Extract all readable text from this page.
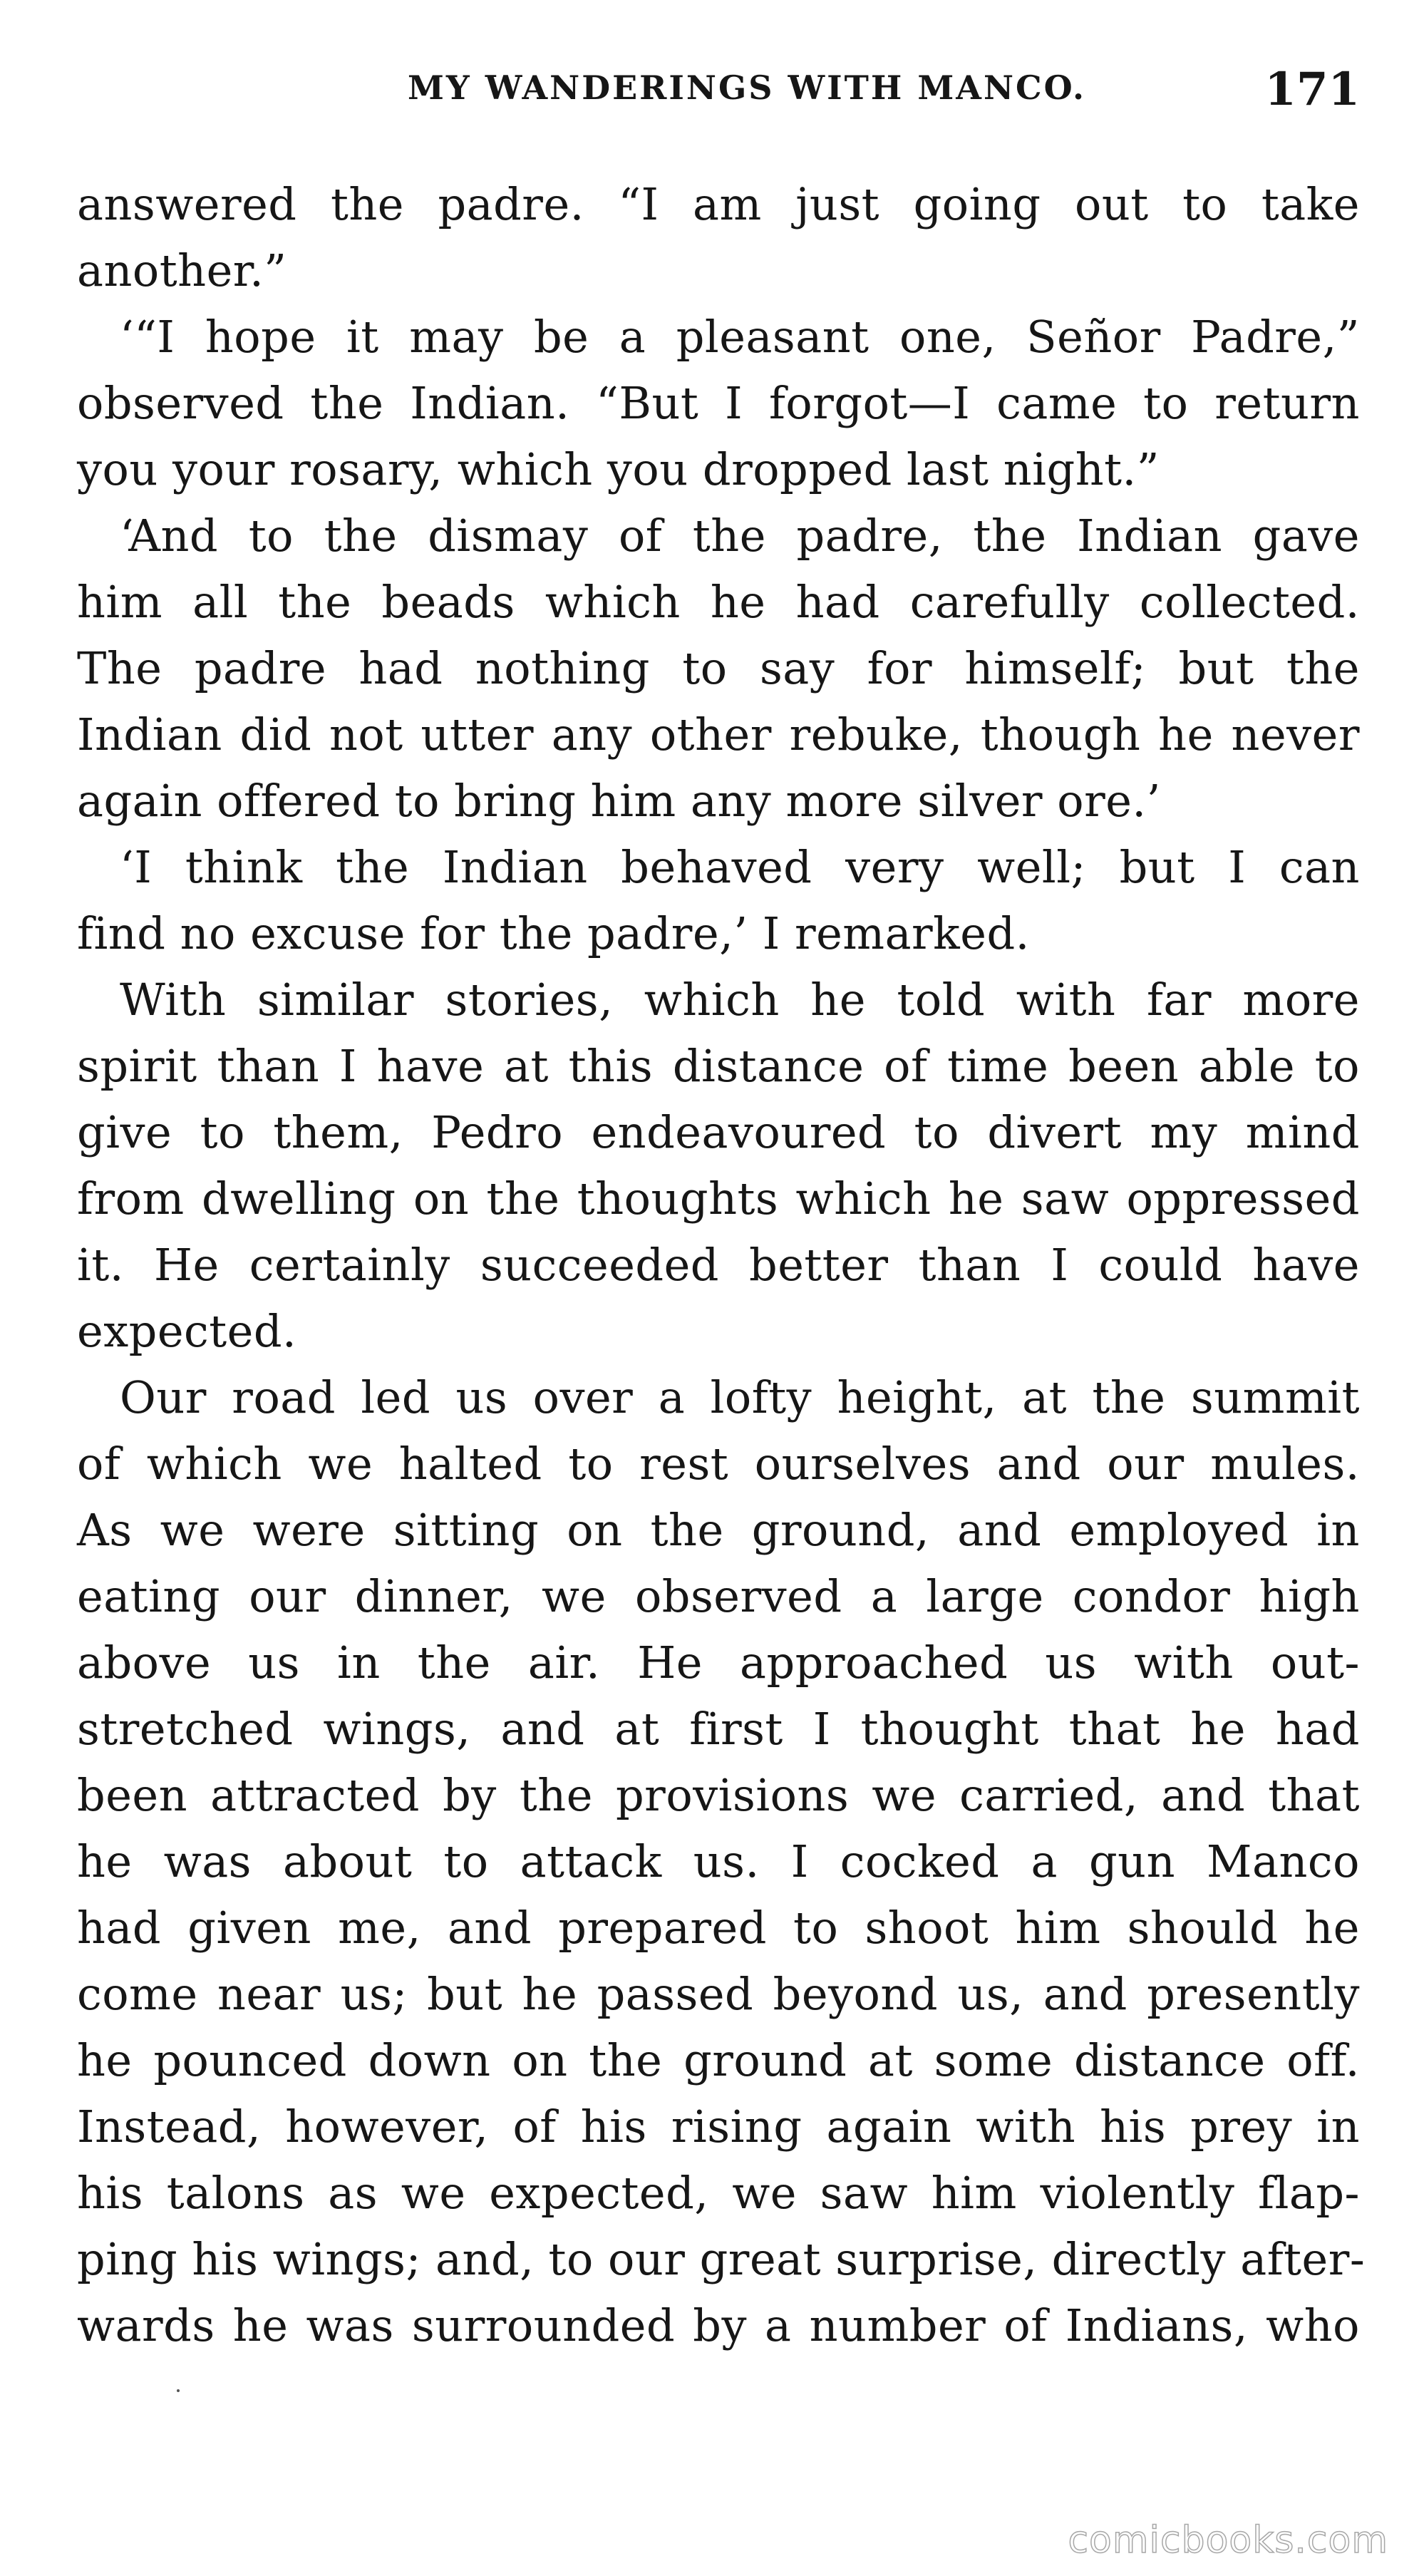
MY WANDERINGS WITH MANCO.	171
answered the padre. “I am just going out to take
another.”
‘“I hope it may be a pleasant one, Señor Padre,”
observed the Indian. “But I forgot—I came to return
you your rosary, which you dropped last night.”
‘And to the dismay of the padre, the Indian gave
him all the beads which he had carefully collected.
The padre had nothing to say for himself; but the
Indian did not utter any other rebuke, though he never
again offered to bring him any more silver ore.’
‘I think the Indian behaved very well; but I can
find no excuse for the padre,’ I remarked.
With similar stories, which he told with far more
spirit than I have at this distance of time been able to
give to them, Pedro endeavoured to divert my mind
from dwelling on the thoughts which he saw oppressed
it. He certainly succeeded better than I could have
expected.
Our road led us over a lofty height, at the summit
of which we halted to rest ourselves and our mules.
As we were sitting on the ground, and employed in
eating our dinner, we observed a large condor high
above us in the air. He approached us with out-
stretched wings, and at first I thought that he had
been attracted by the provisions we carried, and that
he was about to attack us. I cocked a gun Manco
had given me, and prepared to shoot him should he
come near us; but he passed beyond us, and presently
he pounced down on the ground at some distance off.
Instead, however, of his rising again with his prey in
his talons as we expected, we saw him violently flap-
ping his wings; and, to our great surprise, directly after-
wards he was surrounded by a number of Indians, who
comicbooks.com
